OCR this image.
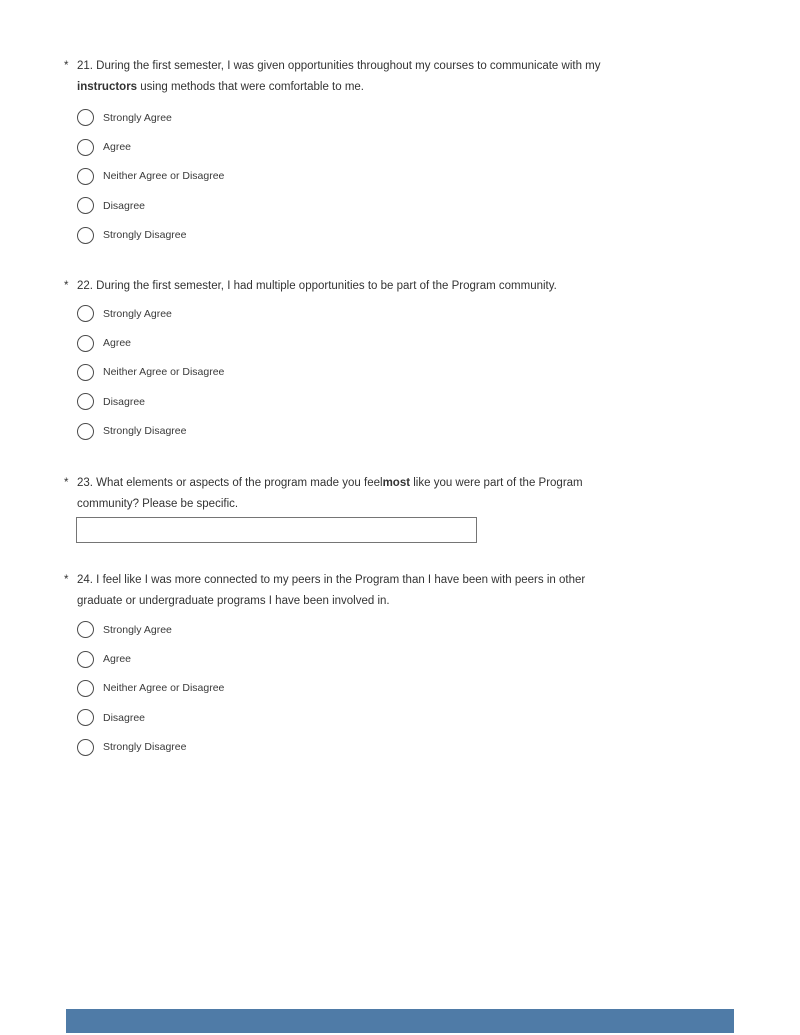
* 21. During the first semester, I was given opportunities throughout my courses to communicate with my

instructors using methods that were comfortable to me.

Strongly Agree
Agree
Neither Agree or Disagree
Disagree
Strongly Disagree
* 22. During the first semester, I had multiple opportunities to be part of the Program community.

Strongly Agree
Agree
Neither Agree or Disagree
Disagree
Strongly Disagree
* 23. What elements or aspects of the program made you feelmost like you were part of the Program

community? Please be specific.

* 24. I feel like I was more connected to my peers in the Program than I have been with peers in other

graduate or undergraduate programs I have been involved in.

Strongly Agree
Agree
Neither Agree or Disagree
Disagree
Strongly Disagree
